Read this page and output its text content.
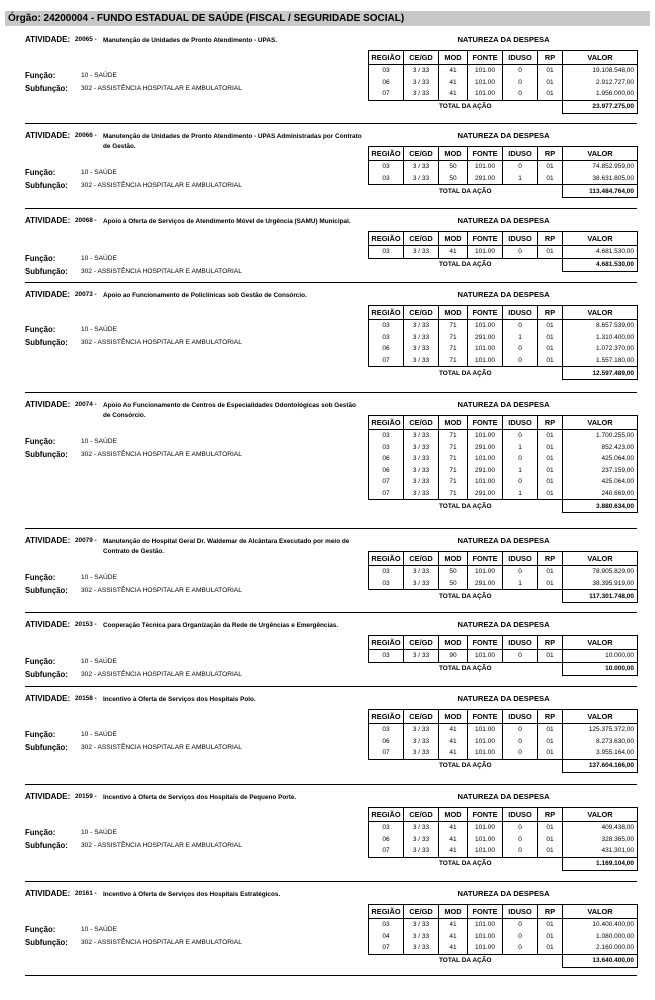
Órgão: 24200004 - FUNDO ESTADUAL DE SAÚDE (FISCAL / SEGURIDADE SOCIAL)
ATIVIDADE: 20065 - Manutenção de Unidades de Pronto Atendimento - UPAS.
Função:	10 - SAÚDE
Subfunção: 302 - ASSISTÊNCIA HOSPITALAR E AMBULATORIAL
NATUREZA DA DESPESA
REGIÃO	CE/GD	MOD	FONTE	IDUSO	RP	VALOR
03	3 / 33	41	101.00	0	01	19.108.548,00
06	3 / 33	41	101.00	0	01	2.912.727,00
07	3 / 33	41	101.00	0	01	1.956.000,00
TOTAL DA AÇÃO						23.977.275,00
ATIVIDADE: 20066 - Manutenção de Unidades de Pronto Atendimento - UPAS Administradas por Contrato de Gestão.
Função:	10 - SAÚDE
Subfunção: 302 - ASSISTÊNCIA HOSPITALAR E AMBULATORIAL
NATUREZA DA DESPESA
REGIÃO	CE/GD	MOD	FONTE	IDUSO	RP	VALOR
03	3 / 33	50	101.00	0	01	74.852.959,00
03	3 / 33	50	291.00	1	01	38.631.805,00
TOTAL DA AÇÃO						113.484.764,00
ATIVIDADE: 20068 - Apoio à Oferta de Serviços de Atendimento Móvel de Urgência (SAMU) Municipal.
Função:	10 - SAÚDE
Subfunção: 302 - ASSISTÊNCIA HOSPITALAR E AMBULATORIAL
NATUREZA DA DESPESA
REGIÃO	CE/GD	MOD	FONTE	IDUSO	RP	VALOR
03	3 / 33	41	101.00	0	01	4.681.530,00
TOTAL DA AÇÃO						4.681.530,00
ATIVIDADE: 20073 - Apoio ao Funcionamento de Policlínicas sob Gestão de Consórcio.
Função:	10 - SAÚDE
Subfunção: 302 - ASSISTÊNCIA HOSPITALAR E AMBULATORIAL
NATUREZA DA DESPESA
REGIÃO	CE/GD	MOD	FONTE	IDUSO	RP	VALOR
03	3 / 33	71	101.00	0	01	8.657.539,00
03	3 / 33	71	291.00	1	01	1.310.400,00
06	3 / 33	71	101.00	0	01	1.072.370,00
07	3 / 33	71	101.00	0	01	1.557.180,00
TOTAL DA AÇÃO						12.597.489,00
ATIVIDADE: 20074 - Apoio Ao Funcionamento de Centros de Especialidades Odontológicas sob Gestão de Consórcio.
Função:	10 - SAÚDE
Subfunção: 302 - ASSISTÊNCIA HOSPITALAR E AMBULATORIAL
NATUREZA DA DESPESA
REGIÃO	CE/GD	MOD	FONTE	IDUSO	RP	VALOR
03	3 / 33	71	101.00	0	01	1.700.255,00
03	3 / 33	71	291.00	1	01	852.423,00
06	3 / 33	71	101.00	0	01	425.064,00
06	3 / 33	71	291.00	1	01	237.159,00
07	3 / 33	71	101.00	0	01	425.064,00
07	3 / 33	71	291.00	1	01	240.669,00
TOTAL DA AÇÃO						3.880.634,00
ATIVIDADE: 20079 - Manutenção do Hospital Geral Dr. Waldemar de Alcântara Executado por meio de Contrato de Gestão.
Função:	10 - SAÚDE
Subfunção: 302 - ASSISTÊNCIA HOSPITALAR E AMBULATORIAL
NATUREZA DA DESPESA
REGIÃO	CE/GD	MOD	FONTE	IDUSO	RP	VALOR
03	3 / 33	50	101.00	0	01	78.905.829,00
03	3 / 33	50	291.00	1	01	38.395.919,00
TOTAL DA AÇÃO						117.301.748,00
ATIVIDADE: 20153 - Cooperação Técnica para Organização da Rede de Urgências e Emergências.
Função:	10 - SAÚDE
Subfunção: 302 - ASSISTÊNCIA HOSPITALAR E AMBULATORIAL
NATUREZA DA DESPESA
REGIÃO	CE/GD	MOD	FONTE	IDUSO	RP	VALOR
03	3 / 33	90	101.00	0	01	10.000,00
TOTAL DA AÇÃO						10.000,00
ATIVIDADE: 20158 - Incentivo à Oferta de Serviços dos Hospitais Polo.
Função:	10 - SAÚDE
Subfunção: 302 - ASSISTÊNCIA HOSPITALAR E AMBULATORIAL
NATUREZA DA DESPESA
REGIÃO	CE/GD	MOD	FONTE	IDUSO	RP	VALOR
03	3 / 33	41	101.00	0	01	125.375.372,00
06	3 / 33	41	101.00	0	01	8.273.630,00
07	3 / 33	41	101.00	0	01	3.955.164,00
TOTAL DA AÇÃO						137.604.166,00
ATIVIDADE: 20159 - Incentivo à Oferta de Serviços dos Hospitais de Pequeno Porte.
Função:	10 - SAÚDE
Subfunção: 302 - ASSISTÊNCIA HOSPITALAR E AMBULATORIAL
NATUREZA DA DESPESA
REGIÃO	CE/GD	MOD	FONTE	IDUSO	RP	VALOR
03	3 / 33	41	101.00	0	01	409.438,00
06	3 / 33	41	101.00	0	01	328.365,00
07	3 / 33	41	101.00	0	01	431.301,00
TOTAL DA AÇÃO						1.169.104,00
ATIVIDADE: 20161 - Incentivo à Oferta de Serviços dos Hospitais Estratégicos.
Função:	10 - SAÚDE
Subfunção: 302 - ASSISTÊNCIA HOSPITALAR E AMBULATORIAL
NATUREZA DA DESPESA
REGIÃO	CE/GD	MOD	FONTE	IDUSO	RP	VALOR
03	3 / 33	41	101.00	0	01	10.400.400,00
04	3 / 33	41	101.00	0	01	1.080.000,00
07	3 / 33	41	101.00	0	01	2.160.000,00
TOTAL DA AÇÃO						13.640.400,00
